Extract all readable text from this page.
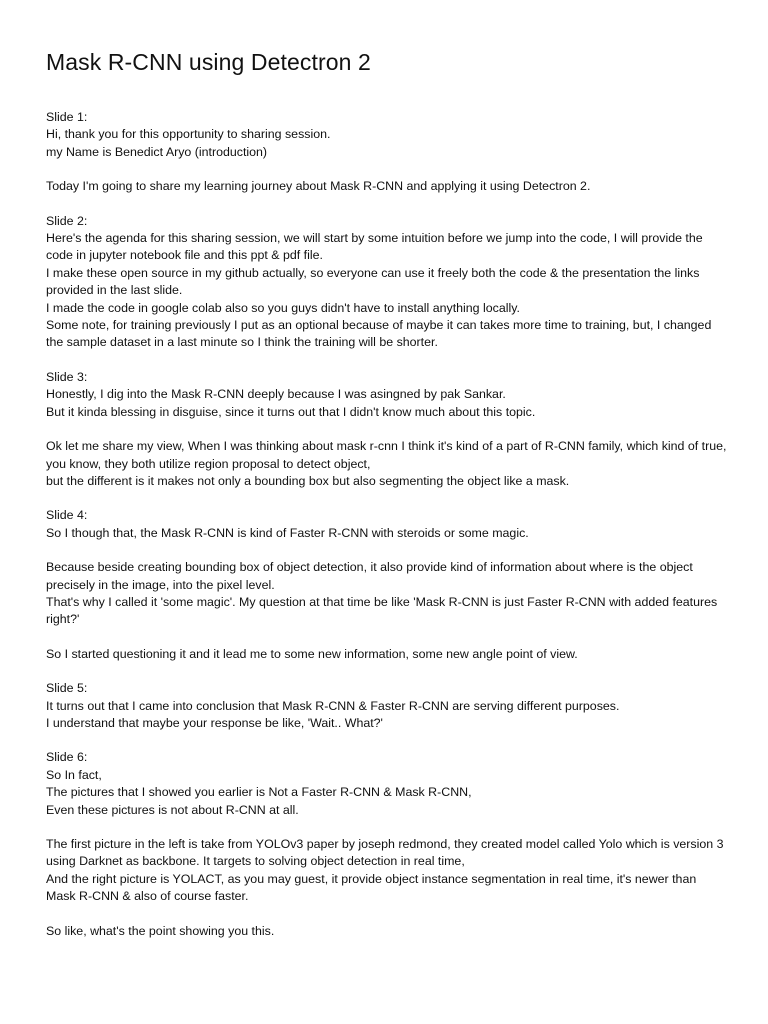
Mask R-CNN using Detectron 2

Slide 1:

Hi, thank you for this opportunity to sharing session.

my Name is Benedict Aryo (introduction)

Today I'm going to share my learning journey about Mask R-CNN and applying it using Detectron 2.

Slide 2:

Here's the agenda for this sharing session, we will start by some intuition before we jump into the code, I will provide the code in jupyter notebook file and this ppt & pdf file.

I make these open source in my github actually, so everyone can use it freely both the code & the presentation the links provided in the last slide.

I made the code in google colab also so you guys didn't have to install anything locally.

Some note, for training previously I put as an optional because of maybe it can takes more time to training, but, I changed the sample dataset in a last minute so I think the training will be shorter.

Slide 3:

Honestly, I dig into the Mask R-CNN deeply because I was asingned by pak Sankar.

But it kinda blessing in disguise, since it turns out that I didn't know much about this topic.

Ok let me share my view, When I was thinking about mask r-cnn I think it's kind of a part of R-CNN family, which kind of true, you know, they both utilize region proposal to detect object,

but the different is it makes not only a bounding box but also segmenting the object like a mask.

Slide 4:

So I though that, the Mask R-CNN is kind of Faster R-CNN with steroids or some magic.

Because beside creating bounding box of object detection, it also provide kind of information about where is the object precisely in the image, into the pixel level.

That's why I called it 'some magic'. My question at that time be like 'Mask R-CNN is just Faster R-CNN with added features right?'

So I started questioning it and it lead me to some new information, some new angle point of view.

Slide 5:

It turns out that I came into conclusion that Mask R-CNN & Faster R-CNN are serving different purposes.

I understand that maybe your response be like, 'Wait.. What?'

Slide 6:

So In fact,

The pictures that I showed you earlier is Not a Faster R-CNN & Mask R-CNN,

Even these pictures is not about R-CNN at all.

The first picture in the left is take from YOLOv3 paper by joseph redmond, they created model called Yolo which is version 3 using Darknet as backbone. It targets to solving object detection in real time,

And the right picture is YOLACT, as you may guest, it provide object instance segmentation in real time, it's newer than Mask R-CNN & also of course faster.

So like, what's the point showing you this.
